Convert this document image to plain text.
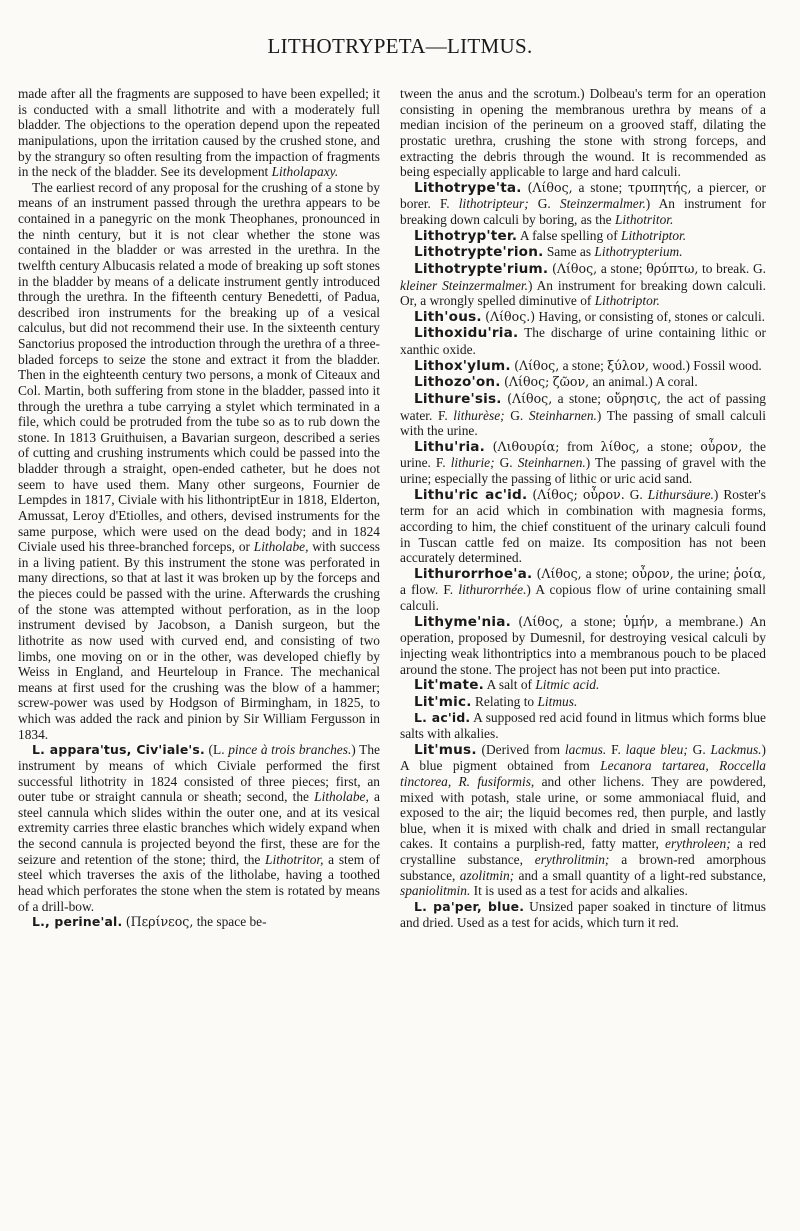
LITHOTRYPETA—LITMUS.

made after all the fragments are supposed to have been expelled; it is conducted with a small lithotrite and with a moderately full bladder. The objections to the operation depend upon the repeated manipulations, upon the irritation caused by the crushed stone, and by the strangury so often resulting from the impaction of fragments in the neck of the bladder. See its development Litholapaxy.

The earliest record of any proposal for the crushing of a stone by means of an instrument passed through the urethra appears to be contained in a panegyric on the monk Theophanes, pronounced in the ninth century, but it is not clear whether the stone was contained in the bladder or was arrested in the urethra. In the twelfth century Albucasis related a mode of breaking up soft stones in the bladder by means of a delicate instrument gently introduced through the urethra. In the fifteenth century Benedetti, of Padua, described iron instruments for the breaking up of a vesical calculus, but did not recommend their use. In the sixteenth century Sanctorius proposed the introduction through the urethra of a three-bladed forceps to seize the stone and extract it from the bladder. Then in the eighteenth century two persons, a monk of Citeaux and Col. Martin, both suffering from stone in the bladder, passed into it through the urethra a tube carrying a stylet which terminated in a file, which could be protruded from the tube so as to rub down the stone. In 1813 Gruithuisen, a Bavarian surgeon, described a series of cutting and crushing instruments which could be passed into the bladder through a straight, open-ended catheter, but he does not seem to have used them. Many other surgeons, Fournier de Lempdes in 1817, Civiale with his lithontriptEur in 1818, Elderton, Amussat, Leroy d'Etiolles, and others, devised instruments for the same purpose, which were used on the dead body; and in 1824 Civiale used his three-branched forceps, or Litholabe, with success in a living patient. By this instrument the stone was perforated in many directions, so that at last it was broken up by the forceps and the pieces could be passed with the urine. Afterwards the crushing of the stone was attempted without perforation, as in the loop instrument devised by Jacobson, a Danish surgeon, but the lithotrite as now used with curved end, and consisting of two limbs, one moving on or in the other, was developed chiefly by Weiss in England, and Heurteloup in France. The mechanical means at first used for the crushing was the blow of a hammer; screw-power was used by Hodgson of Birmingham, in 1825, to which was added the rack and pinion by Sir William Fergusson in 1834.

L. appara'tus, Civ'iale's. (L. pince à trois branches.) The instrument by means of which Civiale performed the first successful lithotrity in 1824 consisted of three pieces; first, an outer tube or straight cannula or sheath; second, the Litholabe, a steel cannula which slides within the outer one, and at its vesical extremity carries three elastic branches which widely expand when the second cannula is projected beyond the first, these are for the seizure and retention of the stone; third, the Lithotritor, a stem of steel which traverses the axis of the litholabe, having a toothed head which perforates the stone when the stem is rotated by means of a drill-bow.

L., perine'al. (Περίνεος, the space be-

tween the anus and the scrotum.) Dolbeau's term for an operation consisting in opening the membranous urethra by means of a median incision of the perineum on a grooved staff, dilating the prostatic urethra, crushing the stone with strong forceps, and extracting the debris through the wound. It is recommended as being especially applicable to large and hard calculi.

Lithotrype'ta. (Λίθος, a stone; τρυπητής, a piercer, or borer. F. lithotripteur; G. Steinzermalmer.) An instrument for breaking down calculi by boring, as the Lithotritor.

Lithotryp'ter. A false spelling of Lithotriptor.

Lithotrypte'rion. Same as Lithotrypterium.

Lithotrypte'rium. (Λίθος, a stone; θρύπτω, to break. G. kleiner Steinzermalmer.) An instrument for breaking down calculi. Or, a wrongly spelled diminutive of Lithotriptor.

Lith'ous. (Λίθος.) Having, or consisting of, stones or calculi.

Lithoxidu'ria. The discharge of urine containing lithic or xanthic oxide.

Lithox'ylum. (Λίθος, a stone; ξύλον, wood.) Fossil wood.

Lithozo'on. (Λίθος; ζῶον, an animal.) A coral.

Lithure'sis. (Λίθος, a stone; οὔρησις, the act of passing water. F. lithurèse; G. Steinharnen.) The passing of small calculi with the urine.

Lithu'ria. (Λιθουρία; from λίθος, a stone; οὖρον, the urine. F. lithurie; G. Steinharnen.) The passing of gravel with the urine; especially the passing of lithic or uric acid sand.

Lithu'ric ac'id. (Λίθος; οὖρον. G. Lithursäure.) Roster's term for an acid which in combination with magnesia forms, according to him, the chief constituent of the urinary calculi found in Tuscan cattle fed on maize. Its composition has not been accurately determined.

Lithurorrhoe'a. (Λίθος, a stone; οὖρον, the urine; ῥοία, a flow. F. lithurorrhée.) A copious flow of urine containing small calculi.

Lithyme'nia. (Λίθος, a stone; ὑμήν, a membrane.) An operation, proposed by Dumesnil, for destroying vesical calculi by injecting weak lithontriptics into a membranous pouch to be placed around the stone. The project has not been put into practice.

Lit'mate. A salt of Litmic acid.

Lit'mic. Relating to Litmus.

L. ac'id. A supposed red acid found in litmus which forms blue salts with alkalies.

Lit'mus. (Derived from lacmus. F. laque bleu; G. Lackmus.) A blue pigment obtained from Lecanora tartarea, Roccella tinctorea, R. fusiformis, and other lichens. They are powdered, mixed with potash, stale urine, or some ammoniacal fluid, and exposed to the air; the liquid becomes red, then purple, and lastly blue, when it is mixed with chalk and dried in small rectangular cakes. It contains a purplish-red, fatty matter, erythroleen; a red crystalline substance, erythrolitmin; a brown-red amorphous substance, azolitmin; and a small quantity of a light-red substance, spaniolitmin. It is used as a test for acids and alkalies.

L. pa'per, blue. Unsized paper soaked in tincture of litmus and dried. Used as a test for acids, which turn it red.
